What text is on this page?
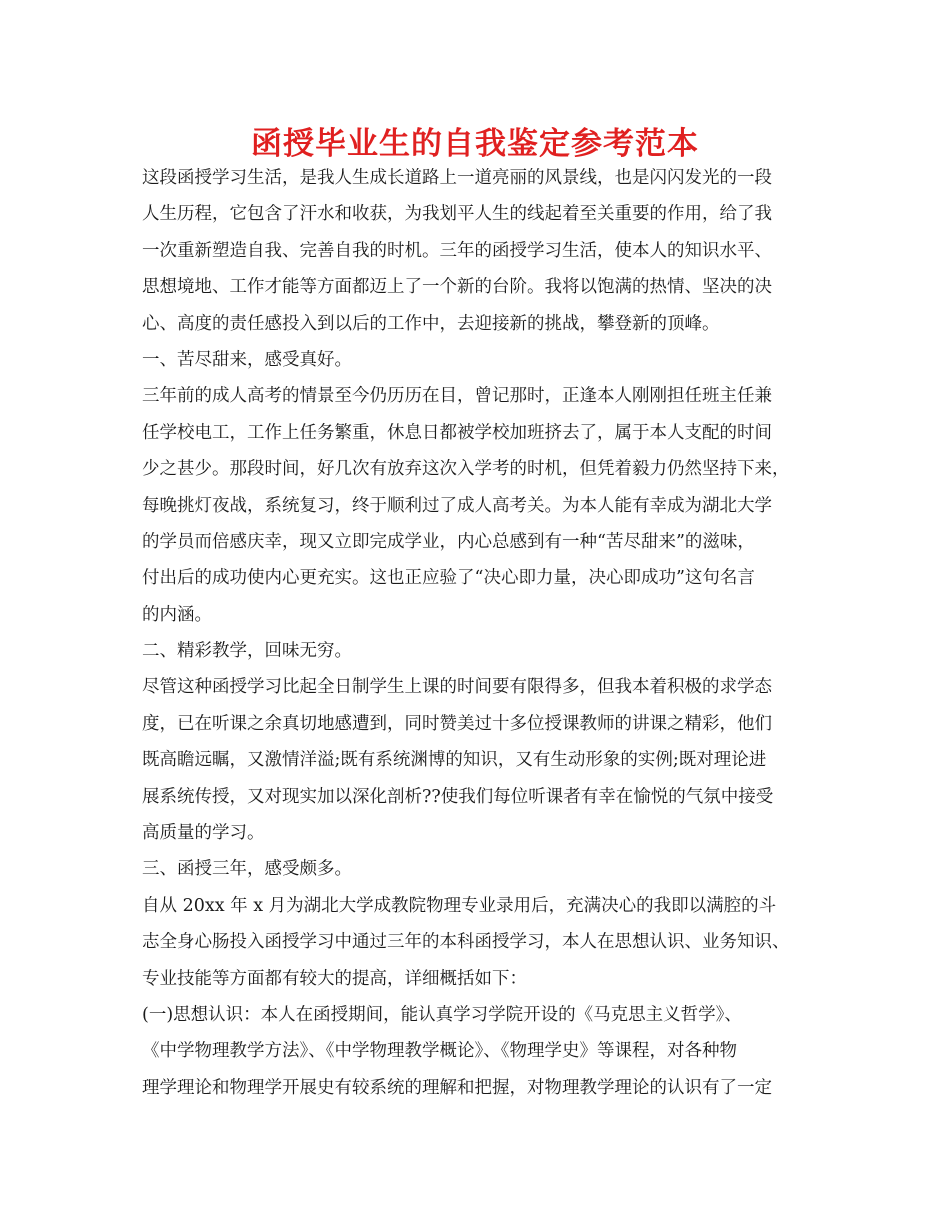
函授毕业生的自我鉴定参考范本
这段函授学习生活，是我人生成长道路上一道亮丽的风景线，也是闪闪发光的一段
人生历程，它包含了汗水和收获，为我划平人生的线起着至关重要的作用，给了我
一次重新塑造自我、完善自我的时机。三年的函授学习生活，使本人的知识水平、
思想境地、工作才能等方面都迈上了一个新的台阶。我将以饱满的热情、坚决的决
心、高度的责任感投入到以后的工作中，去迎接新的挑战，攀登新的顶峰。
一、苦尽甜来，感受真好。
三年前的成人高考的情景至今仍历历在目，曾记那时，正逢本人刚刚担任班主任兼
任学校电工，工作上任务繁重，休息日都被学校加班挤去了，属于本人支配的时间
少之甚少。那段时间，好几次有放弃这次入学考的时机，但凭着毅力仍然坚持下来，
每晚挑灯夜战，系统复习，终于顺利过了成人高考关。为本人能有幸成为湖北大学
的学员而倍感庆幸，现又立即完成学业，内心总感到有一种“苦尽甜来”的滋味，
付出后的成功使内心更充实。这也正应验了“决心即力量，决心即成功”这句名言
的内涵。
二、精彩教学，回味无穷。
尽管这种函授学习比起全日制学生上课的时间要有限得多，但我本着积极的求学态
度，已在听课之余真切地感遭到，同时赞美过十多位授课教师的讲课之精彩，他们
既高瞻远瞩，又激情洋溢;既有系统渊博的知识，又有生动形象的实例;既对理论进
展系统传授，又对现实加以深化剖析??使我们每位听课者有幸在愉悦的气氛中接受
高质量的学习。
三、函授三年，感受颇多。
自从 20xx 年 x 月为湖北大学成教院物理专业录用后，充满决心的我即以满腔的斗
志全身心肠投入函授学习中通过三年的本科函授学习，本人在思想认识、业务知识、
专业技能等方面都有较大的提高，详细概括如下：
(一)思想认识：本人在函授期间，能认真学习学院开设的《马克思主义哲学》、
《中学物理教学方法》、《中学物理教学概论》、《物理学史》等课程，对各种物
理学理论和物理学开展史有较系统的理解和把握，对物理教学理论的认识有了一定
